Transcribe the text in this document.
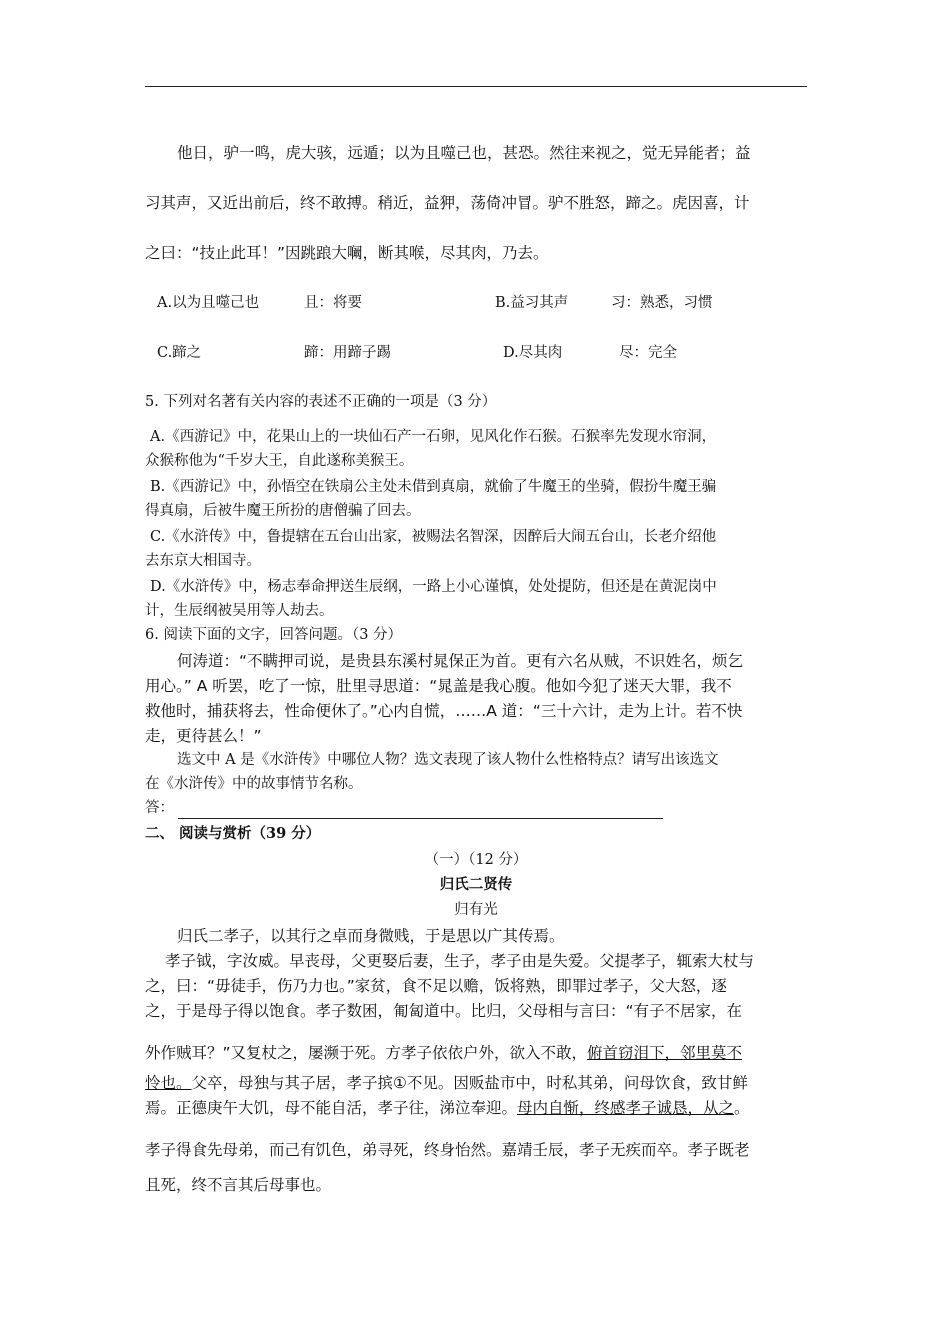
他日，驴一鸣，虎大骇，远遁；以为且噬己也，甚恐。然往来视之，觉无异能者；益
习其声，又近出前后，终不敢搏。稍近，益狎，荡倚冲冒。驴不胜怒，蹄之。虎因喜，计
之曰：“技止此耳！”因跳踉大㘎，断其喉，尽其肉，乃去。
A.以为且噬己也	且：将要	B.益习其声	习：熟悉，习惯
C.蹄之	蹄：用蹄子踢	D.尽其肉	尽：完全
5. 下列对名著有关内容的表述不正确的一项是（3 分）
A.《西游记》中，花果山上的一块仙石产一石卵，见风化作石猴。石猴率先发现水帘洞，
众猴称他为“千岁大王，自此遂称美猴王。
B.《西游记》中，孙悟空在铁扇公主处未借到真扇，就偷了牛魔王的坐骑，假扮牛魔王骗
得真扇，后被牛魔王所扮的唐僧骗了回去。
C.《水浒传》中，鲁提辖在五台山出家，被赐法名智深，因醉后大闹五台山，长老介绍他
去东京大相国寺。
D.《水浒传》中，杨志奉命押送生辰纲，一路上小心谨慎，处处提防，但还是在黄泥岗中
计，生辰纲被吴用等人劫去。
6. 阅读下面的文字，回答问题。（3 分）
何涛道：“不瞒押司说，是贵县东溪村晁保正为首。更有六名从贼，不识姓名，烦乞
用心。” A 听罢，吃了一惊，肚里寻思道：“晁盖是我心腹。他如今犯了迷天大罪，我不
救他时，捕获将去，性命便休了。”心内自慌，……A 道：“三十六计，走为上计。若不快
走，更待甚么！”
选文中 A 是《水浒传》中哪位人物？选文表现了该人物什么性格特点？请写出该选文
在《水浒传》中的故事情节名称。
答：
二、 阅读与赏析（39 分）
（一）（12 分）
归氏二贤传
归有光
归氏二孝子，以其行之卓而身微贱，于是思以广其传焉。
孝子钺，字汝威。早丧母，父更娶后妻，生子，孝子由是失爱。父提孝子，辄索大杖与
之，曰：“毋徒手，伤乃力也。”家贫，食不足以赡，饭将熟，即罪过孝子，父大怒，逐
之，于是母子得以饱食。孝子数困，匍匐道中。比归，父母相与言曰：“有子不居家，在
外作贼耳？”又复杖之，屡濒于死。方孝子依依户外，欲入不敢，俯首窃泪下，邻里莫不
怜也。父卒，母独与其子居，孝子摈①不见。因贩盐市中，时私其弟，问母饮食，致甘鲜
焉。正德庚午大饥，母不能自活，孝子往，涕泣奉迎。母内自惭，终感孝子诚恳，从之。
孝子得食先母弟，而己有饥色，弟寻死，终身怡然。嘉靖壬辰，孝子无疾而卒。孝子既老
且死，终不言其后母事也。
